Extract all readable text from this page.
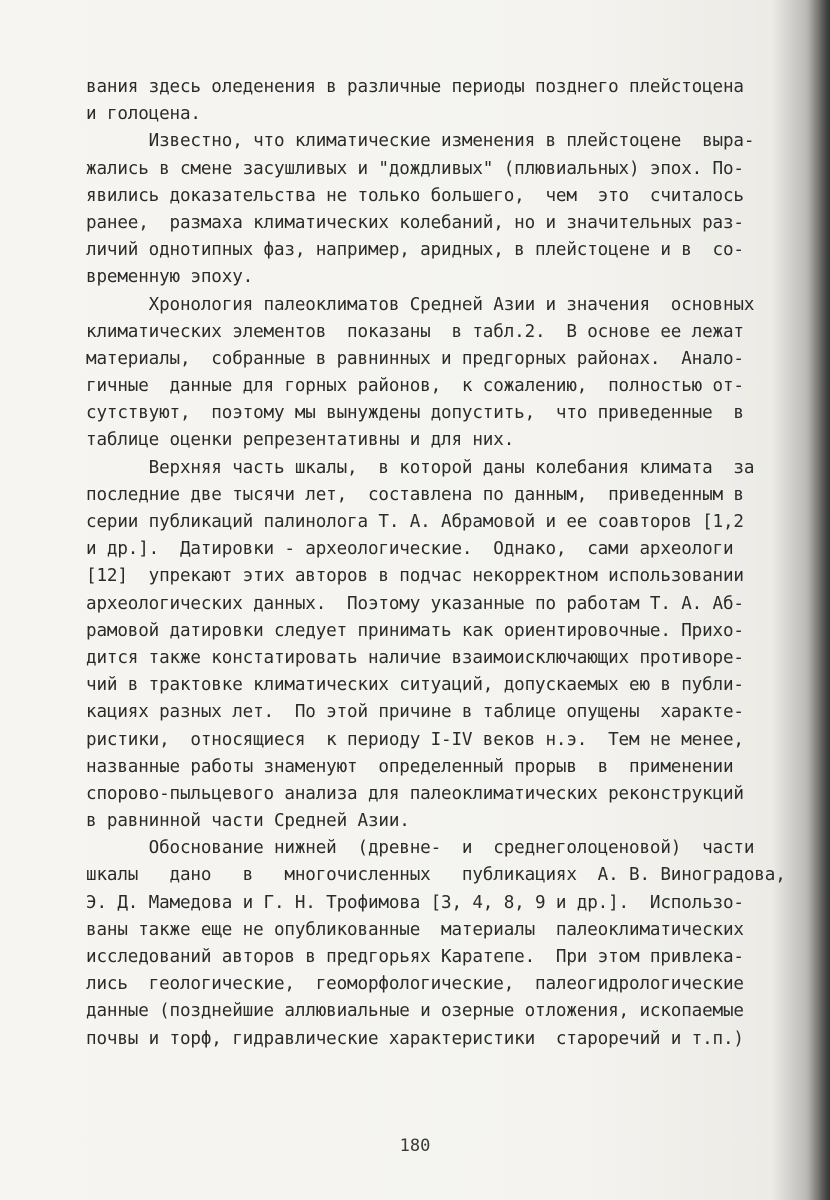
вания здесь оледенения в различные периоды позднего плейстоцена
и голоцена.
Известно, что климатические изменения в плейстоцене  выра-
жались в смене засушливых и "дождливых" (плювиальных) эпох. По-
явились доказательства не только большего,  чем  это  считалось
ранее,  размаха климатических колебаний, но и значительных раз-
личий однотипных фаз, например, аридных, в плейстоцене и в  со-
временную эпоху.
Хронология палеоклиматов Средней Азии и значения  основных
климатических элементов  показаны  в табл.2.  В основе ее лежат
материалы,  собранные в равнинных и предгорных районах.  Анало-
гичные  данные для горных районов,  к сожалению,  полностью от-
сутствуют,  поэтому мы вынуждены допустить,  что приведенные  в
таблице оценки репрезентативны и для них.
Верхняя часть шкалы,  в которой даны колебания климата  за
последние две тысячи лет,  составлена по данным,  приведенным в
серии публикаций палинолога Т. А. Абрамовой и ее соавторов [1,2
и др.].  Датировки - археологические.  Однако,  сами археологи
[12]  упрекают этих авторов в подчас некорректном использовании
археологических данных.  Поэтому указанные по работам Т. А. Аб-
рамовой датировки следует принимать как ориентировочные. Прихо-
дится также констатировать наличие взаимоисключающих противоре-
чий в трактовке климатических ситуаций, допускаемых ею в публи-
кациях разных лет.  По этой причине в таблице опущены  характе-
ристики,  относящиеся  к периоду I-IV веков н.э.  Тем не менее,
названные работы знаменуют  определенный прорыв  в  применении
спорово-пыльцевого анализа для палеоклиматических реконструкций
в равнинной части Средней Азии.
Обоснование нижней  (древне-  и  среднеголоценовой)  части
шкалы   дано   в   многочисленных   публикациях  А. В. Виноградова,
Э. Д. Мамедова и Г. Н. Трофимова [3, 4, 8, 9 и др.].  Использо-
ваны также еще не опубликованные  материалы  палеоклиматических
исследований авторов в предгорьях Каратепе.  При этом привлека-
лись  геологические,  геоморфологические,  палеогидрологические
данные (позднейшие аллювиальные и озерные отложения, ископаемые
почвы и торф, гидравлические характеристики  староречий и т.п.)
180
